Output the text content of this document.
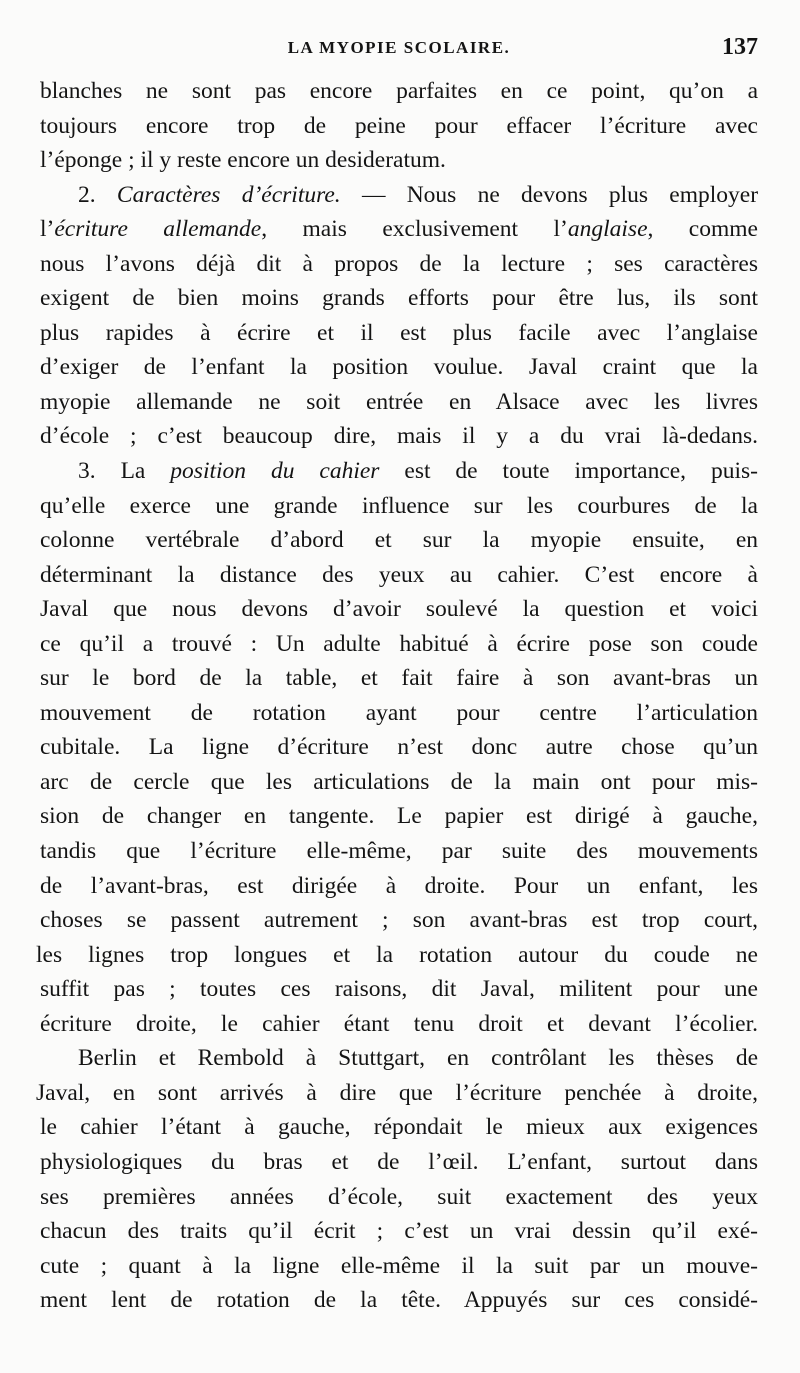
LA MYOPIE SCOLAIRE.	137
blanches ne sont pas encore parfaites en ce point, qu’on a
toujours encore trop de peine pour effacer l’écriture avec
l’éponge ; il y reste encore un desideratum.
2. Caractères d’écriture. — Nous ne devons plus employer
l’écriture allemande, mais exclusivement l’anglaise, comme
nous l’avons déjà dit à propos de la lecture ; ses caractères
exigent de bien moins grands efforts pour être lus, ils sont
plus rapides à écrire et il est plus facile avec l’anglaise
d’exiger de l’enfant la position voulue. Javal craint que la
myopie allemande ne soit entrée en Alsace avec les livres
d’école ; c’est beaucoup dire, mais il y a du vrai là-dedans.
3. La position du cahier est de toute importance, puis-
qu’elle exerce une grande influence sur les courbures de la
colonne vertébrale d’abord et sur la myopie ensuite, en
déterminant la distance des yeux au cahier. C’est encore à
Javal que nous devons d’avoir soulevé la question et voici
ce qu’il a trouvé : Un adulte habitué à écrire pose son coude
sur le bord de la table, et fait faire à son avant-bras un
mouvement de rotation ayant pour centre l’articulation
cubitale. La ligne d’écriture n’est donc autre chose qu’un
arc de cercle que les articulations de la main ont pour mis-
sion de changer en tangente. Le papier est dirigé à gauche,
tandis que l’écriture elle-même, par suite des mouvements
de l’avant-bras, est dirigée à droite. Pour un enfant, les
choses se passent autrement ; son avant-bras est trop court,
les lignes trop longues et la rotation autour du coude ne
suffit pas ; toutes ces raisons, dit Javal, militent pour une
écriture droite, le cahier étant tenu droit et devant l’écolier.
Berlin et Rembold à Stuttgart, en contrôlant les thèses de
Javal, en sont arrivés à dire que l’écriture penchée à droite,
le cahier l’étant à gauche, répondait le mieux aux exigences
physiologiques du bras et de l’œil. L’enfant, surtout dans
ses premières années d’école, suit exactement des yeux
chacun des traits qu’il écrit ; c’est un vrai dessin qu’il exé-
cute ; quant à la ligne elle-même il la suit par un mouve-
ment lent de rotation de la tête. Appuyés sur ces considé-
